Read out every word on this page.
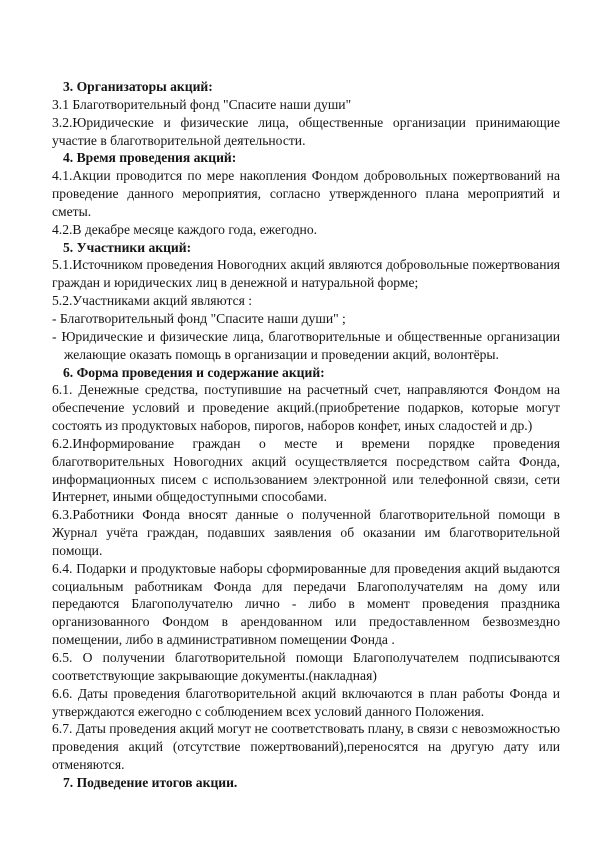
3. Организаторы акций:

3.1 Благотворительный фонд "Спасите наши души"

3.2.Юридические и физические лица, общественные организации принимающие участие в благотворительной деятельности.

4. Время проведения акций:

4.1.Акции проводится по мере накопления Фондом добровольных пожертвований на проведение данного мероприятия, согласно утвержденного плана мероприятий и сметы.

4.2.В декабре месяце каждого года, ежегодно.

5. Участники акций:

5.1.Источником проведения Новогодних акций являются добровольные пожертвования граждан и юридических лиц в денежной и натуральной форме;

5.2.Участниками акций являются :

- Благотворительный фонд "Спасите наши души" ;

- Юридические и физические лица, благотворительные и общественные организации желающие оказать помощь в организации и проведении акций, волонтёры.

6. Форма проведения и содержание акций:

6.1. Денежные средства, поступившие на расчетный счет, направляются Фондом на обеспечение условий и проведение акций.(приобретение подарков, которые могут состоять из продуктовых наборов, пирогов, наборов конфет, иных сладостей и др.)

6.2.Информирование граждан о месте и времени порядке проведения благотворительных Новогодних акций осуществляется посредством сайта Фонда, информационных писем с использованием электронной или телефонной связи, сети Интернет, иными общедоступными способами.

6.3.Работники Фонда вносят данные о полученной благотворительной помощи в Журнал учёта граждан, подавших заявления об оказании им благотворительной помощи.

6.4. Подарки и продуктовые наборы сформированные для проведения акций выдаются социальным работникам Фонда для передачи Благополучателям на дому или передаются Благополучателю лично - либо в момент проведения праздника организованного Фондом в арендованном или предоставленном безвозмездно помещении, либо в административном помещении Фонда .

6.5. О получении благотворительной помощи Благополучателем подписываются соответствующие закрывающие документы.(накладная)

6.6. Даты проведения благотворительной акций включаются в план работы Фонда и утверждаются ежегодно с соблюдением всех условий данного Положения.

6.7. Даты проведения акций могут не соответствовать плану, в связи с невозможностью проведения акций (отсутствие пожертвований),переносятся на другую дату или отменяются.

7. Подведение итогов акции.
